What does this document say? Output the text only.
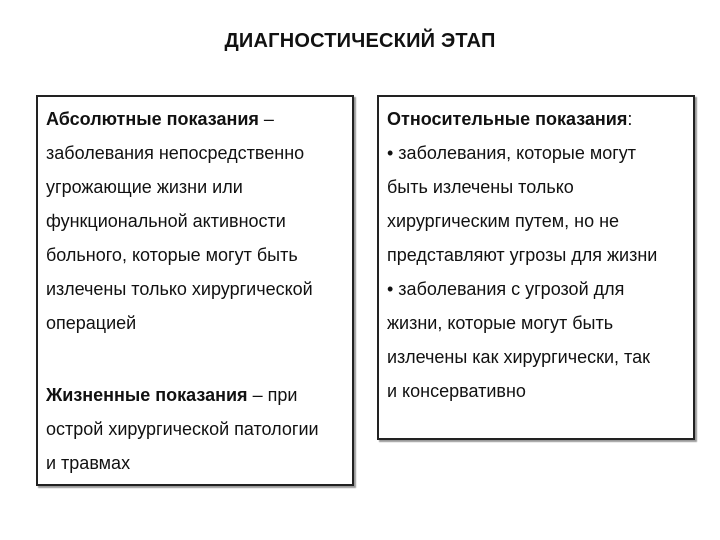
ДИАГНОСТИЧЕСКИЙ ЭТАП

Абсолютные показания –
заболевания непосредственно
угрожающие жизни или
функциональной активности
больного, которые могут быть
излечены только хирургической
операцией

Жизненные показания – при
острой хирургической патологии
и травмах

Относительные показания:
• заболевания, которые могут
быть излечены только
хирургическим путем, но не
представляют угрозы для жизни
• заболевания с угрозой для
жизни, которые могут быть
излечены как хирургически, так
и консервативно
